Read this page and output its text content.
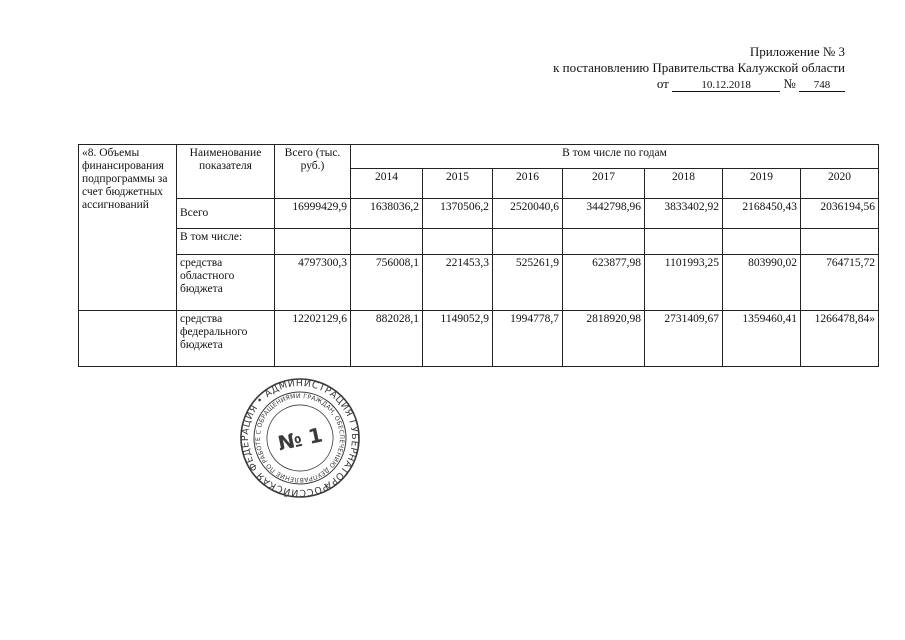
Приложение № 3
к постановлению Правительства Калужской области
от	10.12.2018	№ 748
«8. Объемы финансирования подпрограммы за счет бюджетных ассигнований	Наименование показателя	Всего (тыс. руб.)	В том числе по годам						
			2014	2015	2016	2017	2018	2019	2020
	Всего	16999429,9	1638036,2	1370506,2	2520040,6	3442798,96	3833402,92	2168450,43	2036194,56
	В том числе:								
	средства областного бюджета	4797300,3	756008,1	221453,3	525261,9	623877,98	1101993,25	803990,02	764715,72
	средства федерального бюджета	12202129,6	882028,1	1149052,9	1994778,7	2818920,98	2731409,67	1359460,41	1266478,84»
РОССИЙСКАЯ ФЕДЕРАЦИЯ • АДМИНИСТРАЦИЯ ГУБЕРНАТОРА
УПРАВЛЕНИЕ ПО РАБОТЕ С ОБРАЩЕНИЯМИ ГРАЖДАН, ОБЕСПЕЧЕНИЮ ДЕЛОПРОИЗВОДСТВА
№ 1
